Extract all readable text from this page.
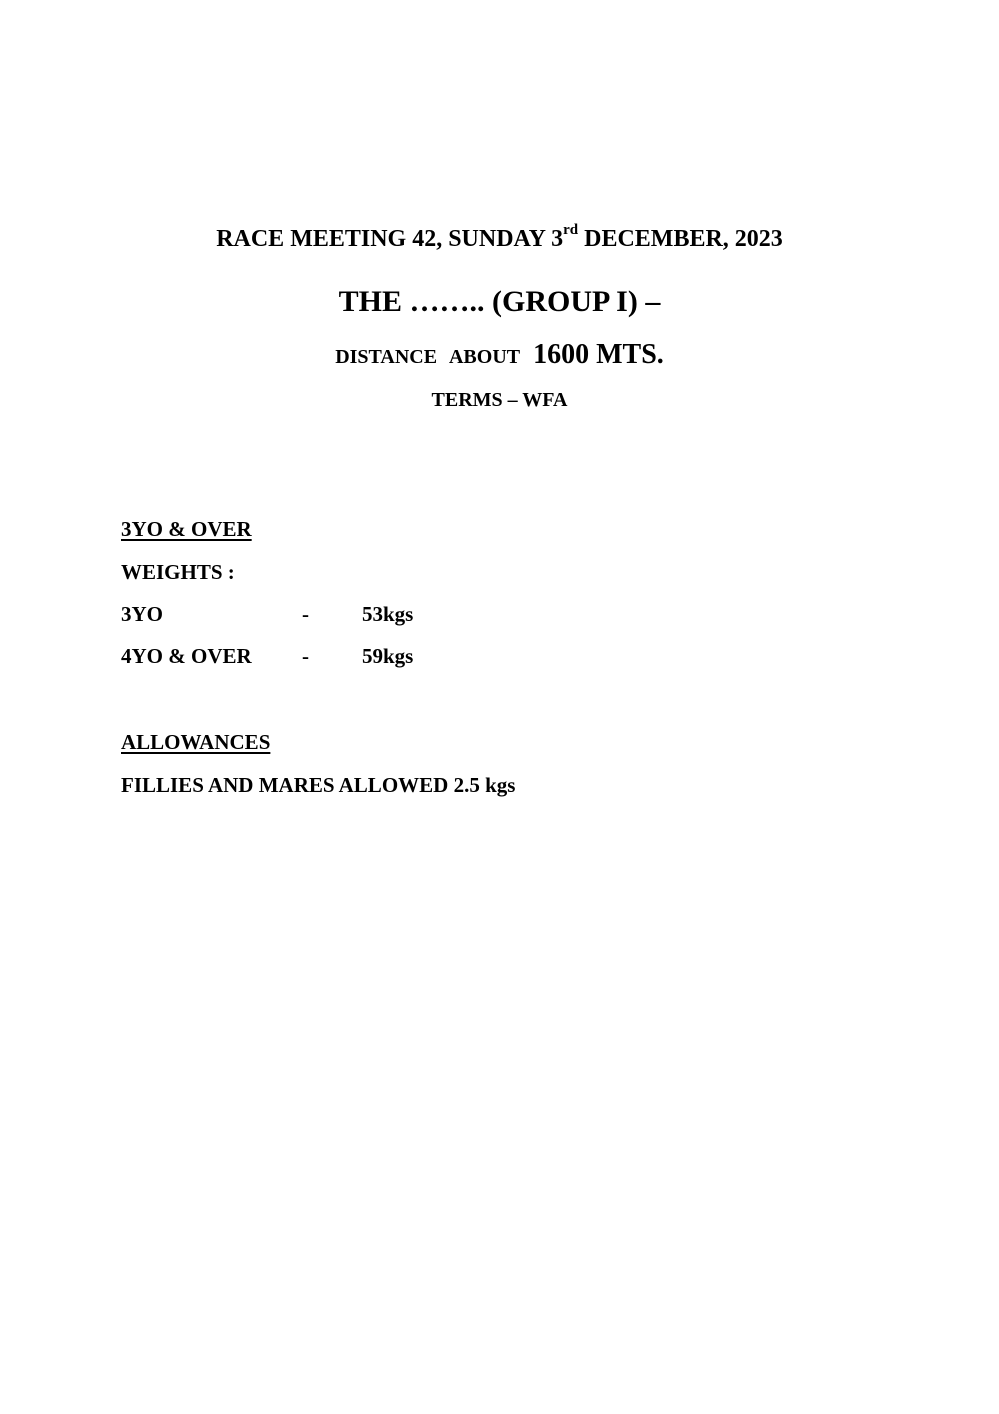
RACE MEETING 42, SUNDAY 3rd DECEMBER, 2023
THE …….. (GROUP I) –
DISTANCE ABOUT 1600 MTS.
TERMS – WFA
3YO & OVER
WEIGHTS :
3YO	-	53kgs
4YO & OVER -	59kgs
ALLOWANCES
FILLIES AND MARES ALLOWED 2.5 kgs
